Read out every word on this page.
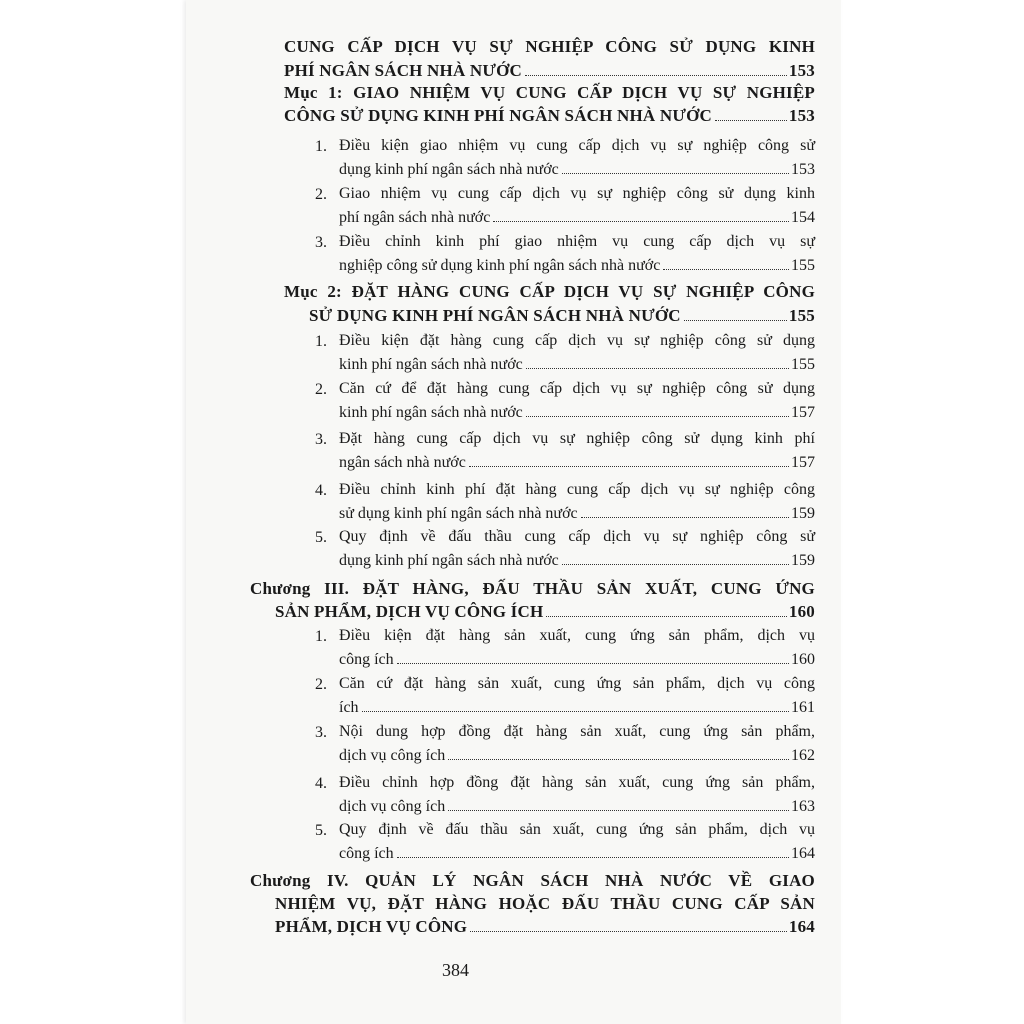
CUNG CẤP DỊCH VỤ SỰ NGHIỆP CÔNG SỬ DỤNG KINH
PHÍ NGÂN SÁCH NHÀ NƯỚC	153
Mục 1: GIAO NHIỆM VỤ CUNG CẤP DỊCH VỤ SỰ NGHIỆP
CÔNG SỬ DỤNG KINH PHÍ NGÂN SÁCH NHÀ NƯỚC	153
1. Điều kiện giao nhiệm vụ cung cấp dịch vụ sự nghiệp công sử
dụng kinh phí ngân sách nhà nước	153
2. Giao nhiệm vụ cung cấp dịch vụ sự nghiệp công sử dụng kinh
phí ngân sách nhà nước	154
3. Điều chỉnh kinh phí giao nhiệm vụ cung cấp dịch vụ sự
nghiệp công sử dụng kinh phí ngân sách nhà nước	155
Mục 2: ĐẶT HÀNG CUNG CẤP DỊCH VỤ SỰ NGHIỆP CÔNG
SỬ DỤNG KINH PHÍ NGÂN SÁCH NHÀ NƯỚC	155
1. Điều kiện đặt hàng cung cấp dịch vụ sự nghiệp công sử dụng
kinh phí ngân sách nhà nước	155
2. Căn cứ để đặt hàng cung cấp dịch vụ sự nghiệp công sử dụng
kinh phí ngân sách nhà nước	157
3. Đặt hàng cung cấp dịch vụ sự nghiệp công sử dụng kinh phí
ngân sách nhà nước	157
4. Điều chỉnh kinh phí đặt hàng cung cấp dịch vụ sự nghiệp công
sử dụng kinh phí ngân sách nhà nước	159
5. Quy định về đấu thầu cung cấp dịch vụ sự nghiệp công sử
dụng kinh phí ngân sách nhà nước	159
Chương III. ĐẶT HÀNG, ĐẤU THẦU SẢN XUẤT, CUNG ỨNG
SẢN PHẨM, DỊCH VỤ CÔNG ÍCH	160
1. Điều kiện đặt hàng sản xuất, cung ứng sản phẩm, dịch vụ
công ích	160
2. Căn cứ đặt hàng sản xuất, cung ứng sản phẩm, dịch vụ công
ích	161
3. Nội dung hợp đồng đặt hàng sản xuất, cung ứng sản phẩm,
dịch vụ công ích	162
4. Điều chỉnh hợp đồng đặt hàng sản xuất, cung ứng sản phẩm,
dịch vụ công ích	163
5. Quy định về đấu thầu sản xuất, cung ứng sản phẩm, dịch vụ
công ích	164
Chương IV. QUẢN LÝ NGÂN SÁCH NHÀ NƯỚC VỀ GIAO
NHIỆM VỤ, ĐẶT HÀNG HOẶC ĐẤU THẦU CUNG CẤP SẢN
PHẨM, DỊCH VỤ CÔNG	164
384
